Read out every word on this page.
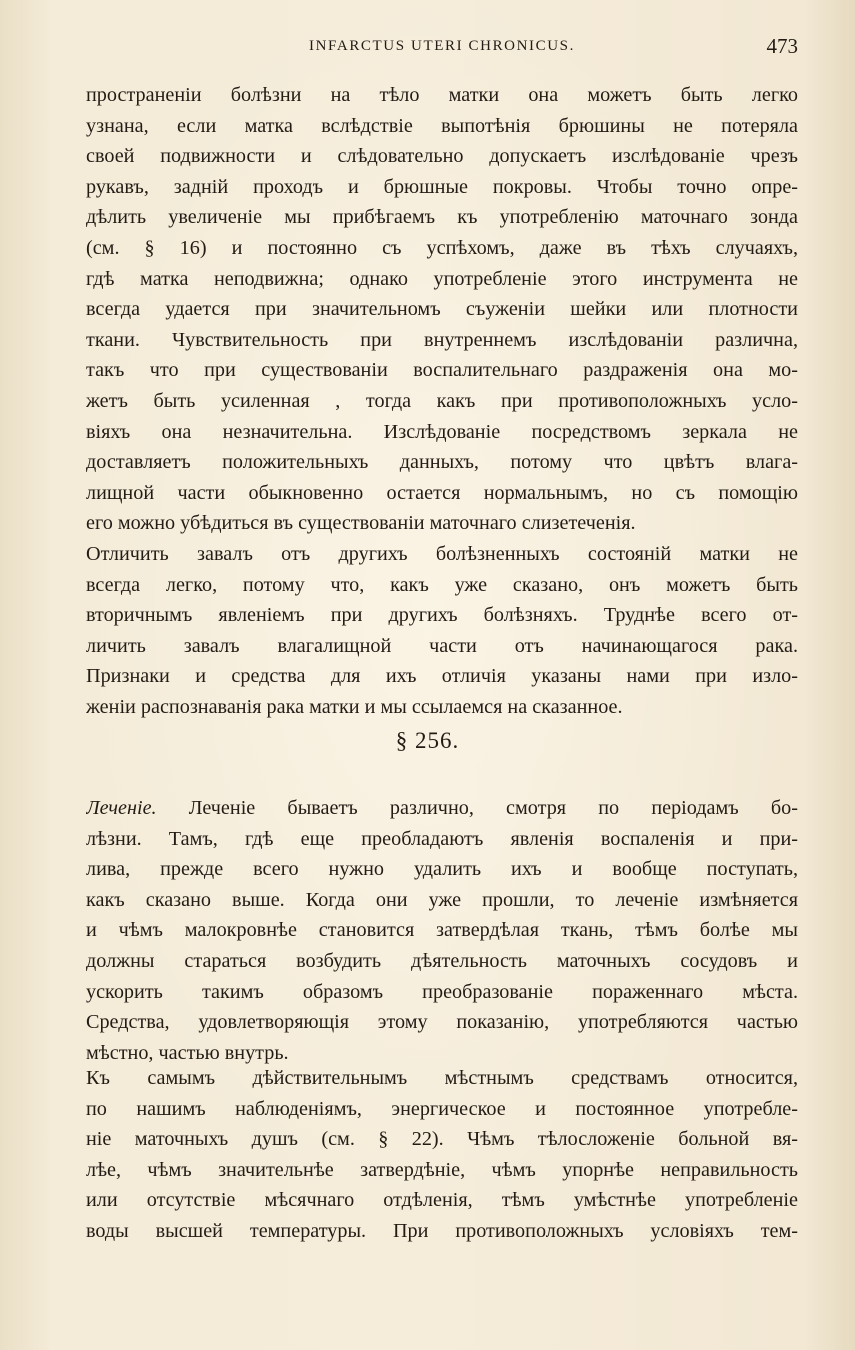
INFARCTUS UTERI CHRONICUS.	473
пространенiи болѣзни на тѣло матки она можетъ быть легко
узнана, если матка вслѣдствiе выпотѣнiя брюшины не потеряла
своей подвижности и слѣдовательно допускаетъ изслѣдованiе чрезъ
рукавъ, задній проходъ и брюшные покровы. Чтобы точно опре-
дѣлить увеличенiе мы прибѣгаемъ къ употребленiю маточнаго зонда
(см. § 16) и постоянно съ успѣхомъ, даже въ тѣхъ случаяхъ,
гдѣ матка неподвижна; однако употребленiе этого инструмента не
всегда удается при значительномъ съуженiи шейки или плотности
ткани. Чувствительность при внутреннемъ изслѣдованiи различна,
такъ что при существованiи воспалительнаго раздраженiя она мо-
жетъ быть усиленная , тогда какъ при противоположныхъ усло-
вiяхъ она незначительна. Изслѣдованiе посредствомъ зеркала не
доставляетъ положительныхъ данныхъ, потому что цвѣтъ влага-
лищной части обыкновенно остается нормальнымъ, но съ помощiю
его можно убѣдиться въ существованiи маточнаго слизетеченiя.
Отличить завалъ отъ другихъ болѣзненныхъ состоянiй матки не
всегда легко, потому что, какъ уже сказано, онъ можетъ быть
вторичнымъ явленiемъ при другихъ болѣзняхъ. Труднѣе всего от-
личить завалъ влагалищной части отъ начинающагося рака.
Признаки и средства для ихъ отличiя указаны нами при изло-
женiи распознаванiя рака матки и мы ссылаемся на сказанное.
§ 256.
Леченiе. Леченiе бываетъ различно, смотря по перiодамъ бо-
лѣзни. Тамъ, гдѣ еще преобладаютъ явленiя воспаленiя и при-
лива, прежде всего нужно удалить ихъ и вообще поступать,
какъ сказано выше. Когда они уже прошли, то леченiе измѣняется
и чѣмъ малокровнѣе становится затвердѣлая ткань, тѣмъ болѣе мы
должны стараться возбудить дѣятельность маточныхъ сосудовъ и
ускорить такимъ образомъ преобразованiе пораженнаго мѣста.
Средства, удовлетворяющiя этому показанiю, употребляются частью
мѣстно, частью внутрь.
Къ самымъ дѣйствительнымъ мѣстнымъ средствамъ относится,
по нашимъ наблюденiямъ, энергическое и постоянное употребле-
нiе маточныхъ душъ (см. § 22). Чѣмъ тѣлосложенiе больной вя-
лѣе, чѣмъ значительнѣе затвердѣнiе, чѣмъ упорнѣе неправильность
или отсутствiе мѣсячнаго отдѣленiя, тѣмъ умѣстнѣе употребленiе
воды высшей температуры. При противоположныхъ условiяхъ тем-
